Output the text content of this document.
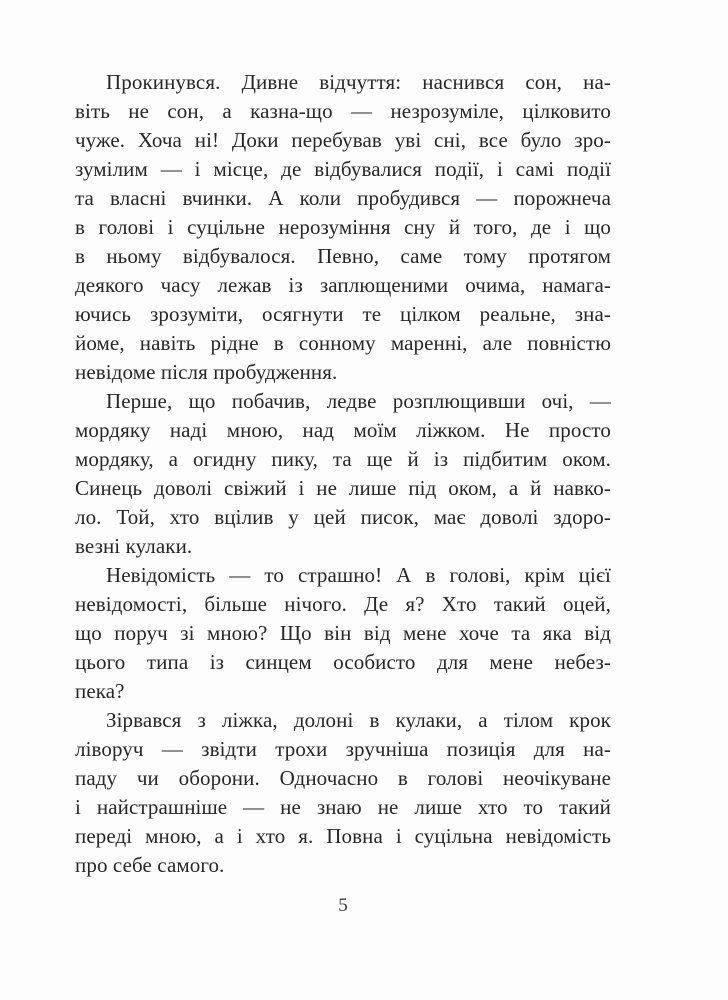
Прокинувся. Дивне відчуття: наснився сон, на-
віть не сон, а казна-що — незрозуміле, цілковито
чуже. Хоча ні! Доки перебував уві сні, все було зро-
зумілим — і місце, де відбувалися події, і самі події
та власні вчинки. А коли пробудився — порожнеча
в голові і суцільне нерозуміння сну й того, де і що
в ньому відбувалося. Певно, саме тому протягом
деякого часу лежав із заплющеними очима, намага-
ючись зрозуміти, осягнути те цілком реальне, зна-
йоме, навіть рідне в сонному маренні, але повністю
невідоме після пробудження.
Перше, що побачив, ледве розплющивши очі, —
мордяку наді мною, над моїм ліжком. Не просто
мордяку, а огидну пику, та ще й із підбитим оком.
Синець доволі свіжий і не лише під оком, а й навко-
ло. Той, хто вцілив у цей писок, має доволі здоро-
везні кулаки.
Невідомість — то страшно! А в голові, крім цієї
невідомості, більше нічого. Де я? Хто такий оцей,
що поруч зі мною? Що він від мене хоче та яка від
цього типа із синцем особисто для мене небез-
пека?
Зірвався з ліжка, долоні в кулаки, а тілом крок
ліворуч — звідти трохи зручніша позиція для на-
паду чи оборони. Одночасно в голові неочікуване
і найстрашніше — не знаю не лише хто то такий
переді мною, а і хто я. Повна і суцільна невідомість
про себе самого.
5
